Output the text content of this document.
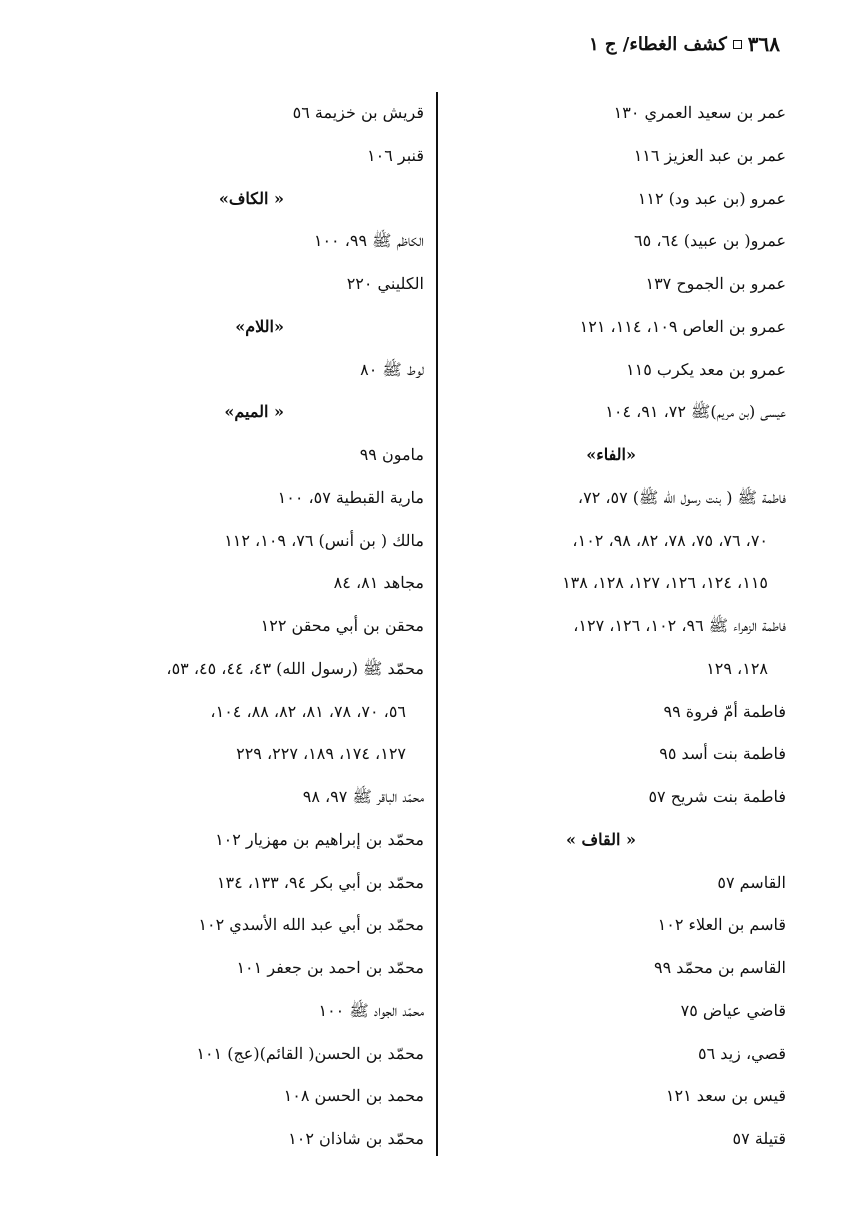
٣٦٨
كشف الغطاء/ ج ١
عمر بن سعيد العمري ١٣٠
عمر بن عبد العزيز ١١٦
عمرو (بن عبد ود) ١١٢
عمرو( بن عبيد) ٦٤، ٦٥
عمرو بن الجموح ١٣٧
عمرو بن العاص ١٠٩، ١١٤، ١٢١
عمرو بن معد يكرب ١١٥
عيسى (بن مريم)ﷺ ٧٢، ٩١، ١٠٤
«الفاء»
فاطمة ﷺ ( بنت رسول الله ﷺ) ٥٧، ٧٢،
٧٠، ٧٦، ٧٥، ٧٨، ٨٢، ٩٨، ١٠٢،
١١٥، ١٢٤، ١٢٦، ١٢٧، ١٢٨، ١٣٨
فاطمة الزهراء ﷺ ٩٦، ١٠٢، ١٢٦، ١٢٧،
١٢٨، ١٢٩
فاطمة أمّ فروة ٩٩
فاطمة بنت أسد ٩٥
فاطمة بنت شريح ٥٧
« القاف »
القاسم ٥٧
قاسم بن العلاء ١٠٢
القاسم بن محمّد ٩٩
قاضي عياض ٧٥
قصي، زيد ٥٦
قيس بن سعد ١٢١
قتيلة ٥٧
قريش بن خزيمة ٥٦
قنبر ١٠٦
« الكاف»
الكاظم ﷺ ٩٩، ١٠٠
الكليني ٢٢٠
«اللام»
لوط ﷺ ٨٠
« الميم»
مامون ٩٩
مارية القبطية ٥٧، ١٠٠
مالك ( بن أنس) ٧٦، ١٠٩، ١١٢
مجاهد ٨١، ٨٤
محقن بن أبي محقن ١٢٢
محمّد ﷺ (رسول الله) ٤٣، ٤٤، ٤٥، ٥٣،
٥٦، ٧٠، ٧٨، ٨١، ٨٢، ٨٨، ١٠٤،
١٢٧، ١٧٤، ١٨٩، ٢٢٧، ٢٢٩
محمّد الباقر ﷺ ٩٧، ٩٨
محمّد بن إبراهيم بن مهزيار ١٠٢
محمّد بن أبي بكر ٩٤، ١٣٣، ١٣٤
محمّد بن أبي عبد الله الأسدي ١٠٢
محمّد بن احمد بن جعفر ١٠١
محمّد الجواد ﷺ ١٠٠
محمّد بن الحسن( القائم)(عج) ١٠١
محمد بن الحسن ١٠٨
محمّد بن شاذان ١٠٢
